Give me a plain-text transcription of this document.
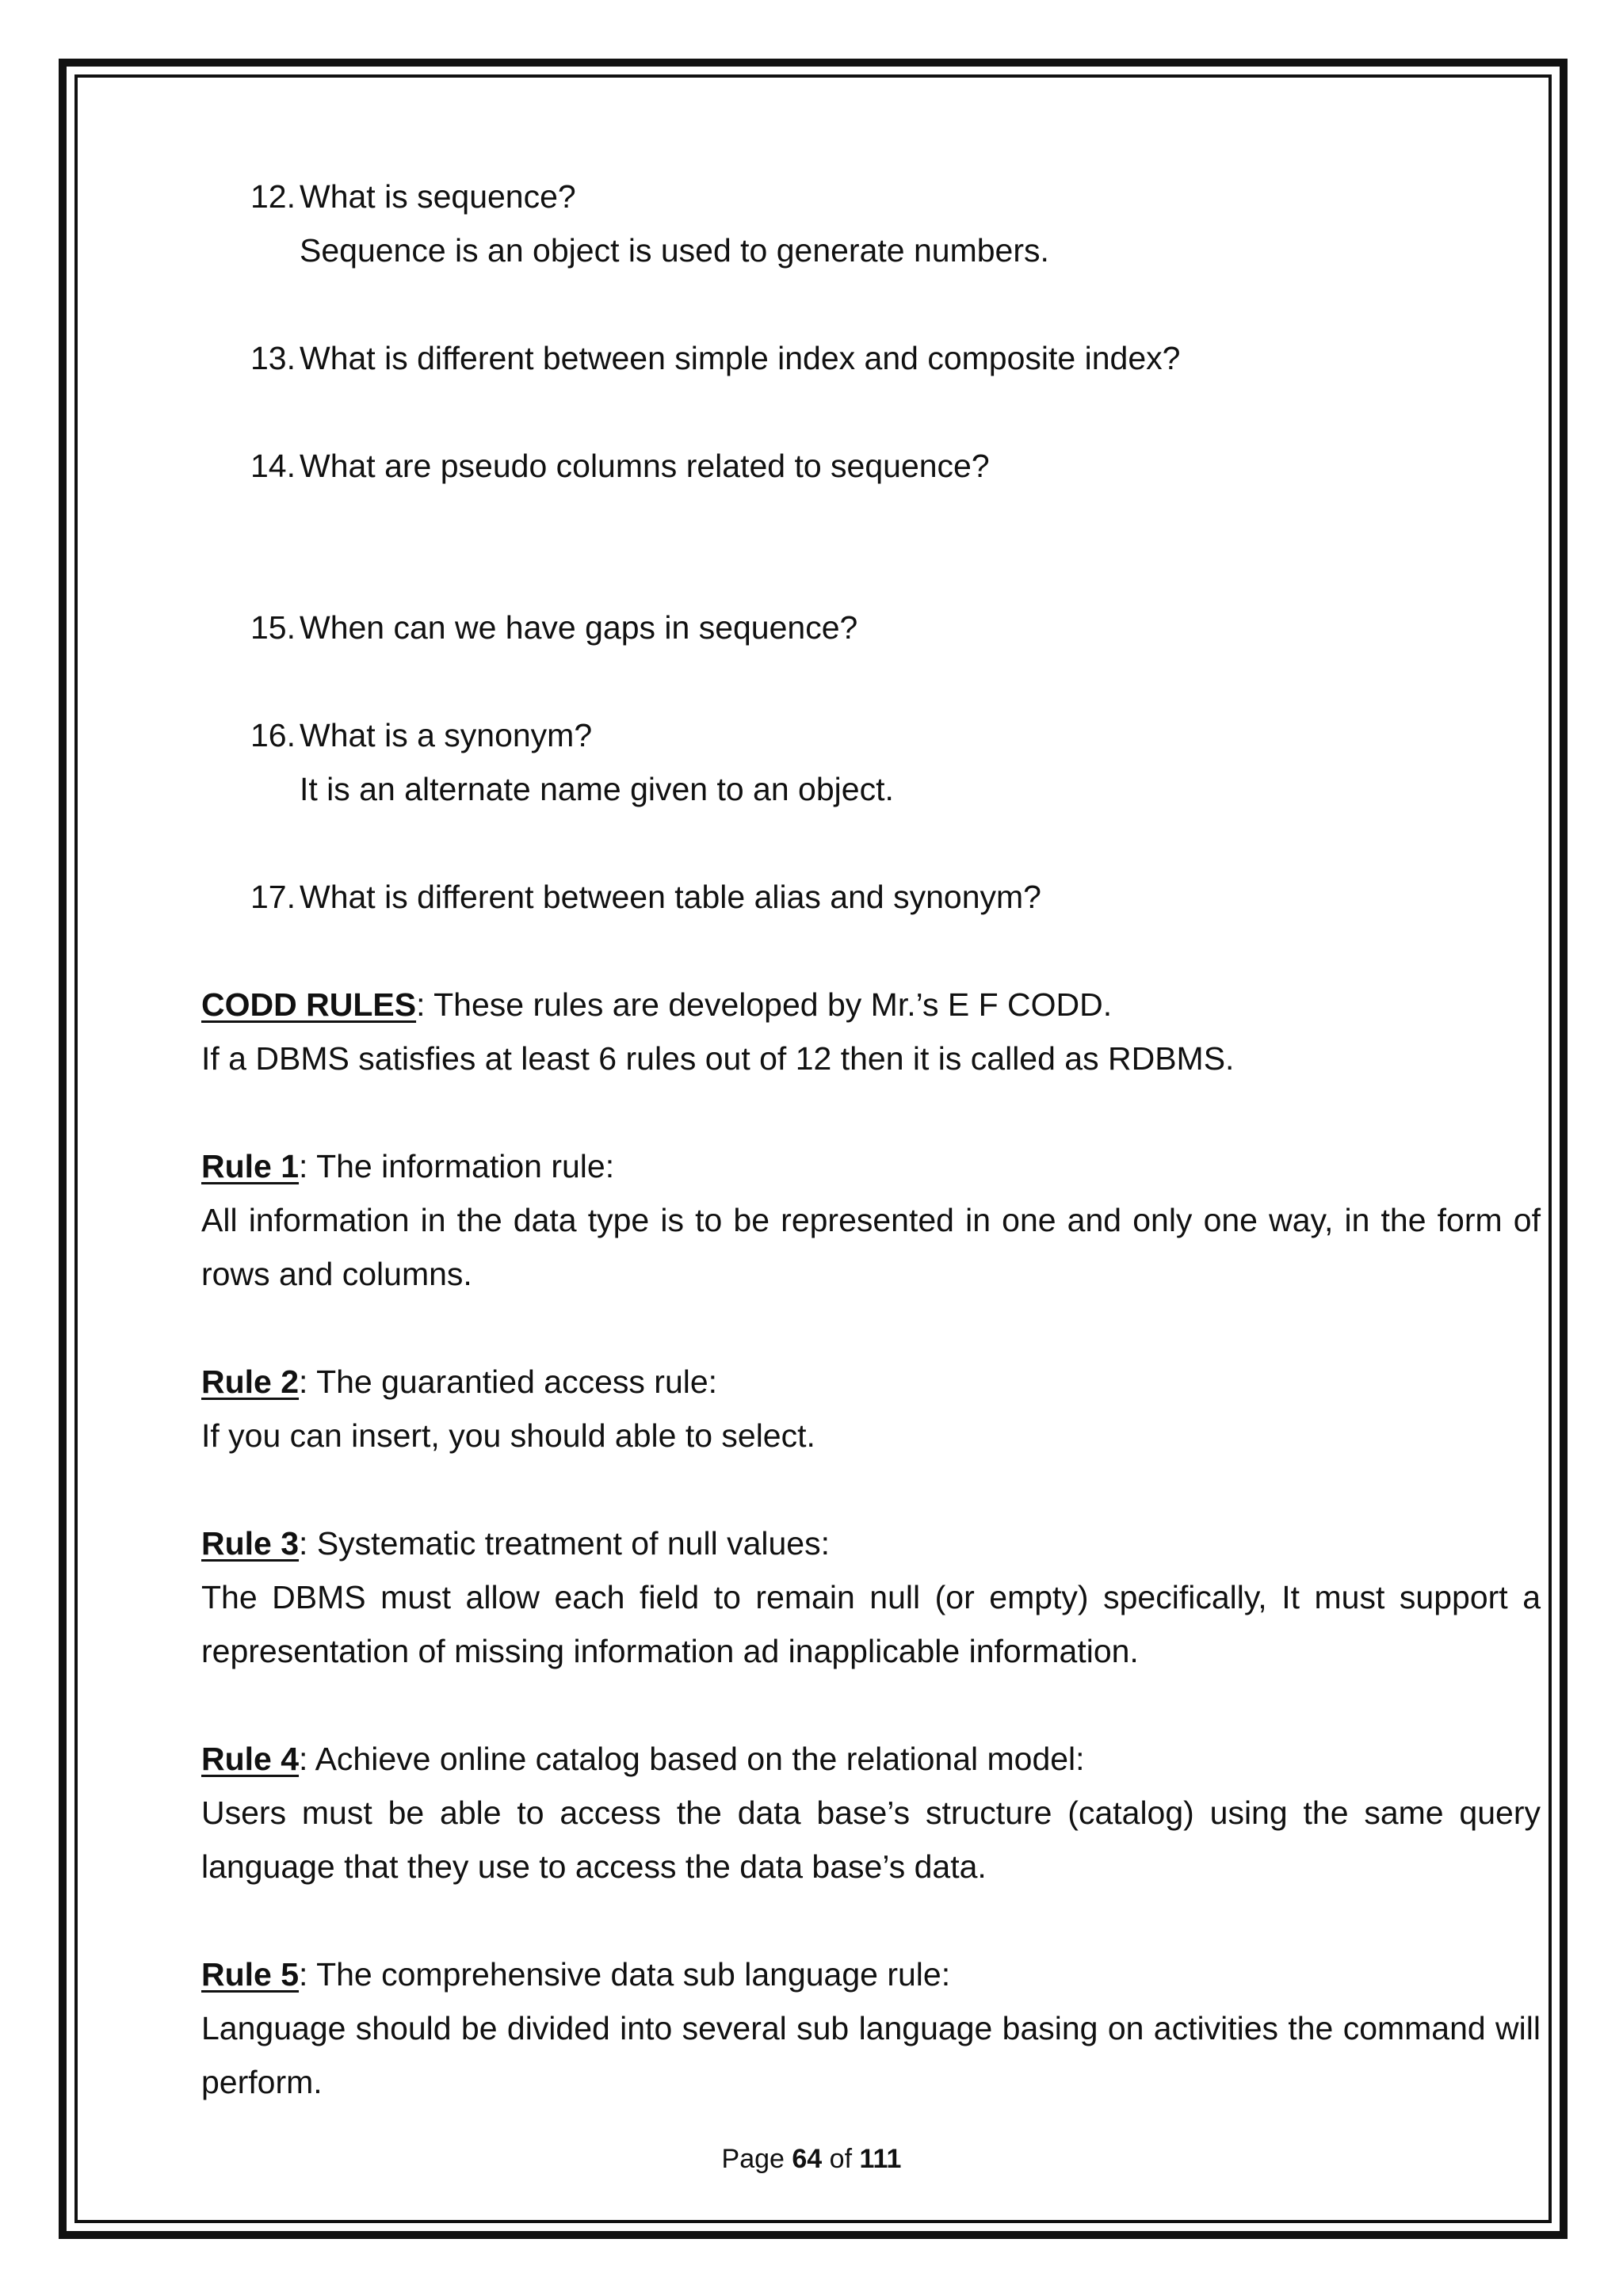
12. What is sequence?
Sequence is an object is used to generate numbers.
13. What is different between simple index and composite index?
14. What are pseudo columns related to sequence?
15. When can we have gaps in sequence?
16. What is a synonym?
It is an alternate name given to an object.
17. What is different between table alias and synonym?
CODD RULES: These rules are developed by Mr.’s E F CODD.
If a DBMS satisfies at least 6 rules out of 12 then it is called as RDBMS.
Rule 1: The information rule:
All information in the data type is to be represented in one and only one way, in the form of rows and columns.
Rule 2: The guarantied access rule:
If you can insert, you should able to select.
Rule 3: Systematic treatment of null values:
The DBMS must allow each field to remain null (or empty) specifically, It must support a representation of missing information ad inapplicable information.
Rule 4: Achieve online catalog based on the relational model:
Users must be able to access the data base’s structure (catalog) using the same query language that they use to access the data base’s data.
Rule 5: The comprehensive data sub language rule:
Language should be divided into several sub language basing on activities the command will perform.
Page 64 of 111
